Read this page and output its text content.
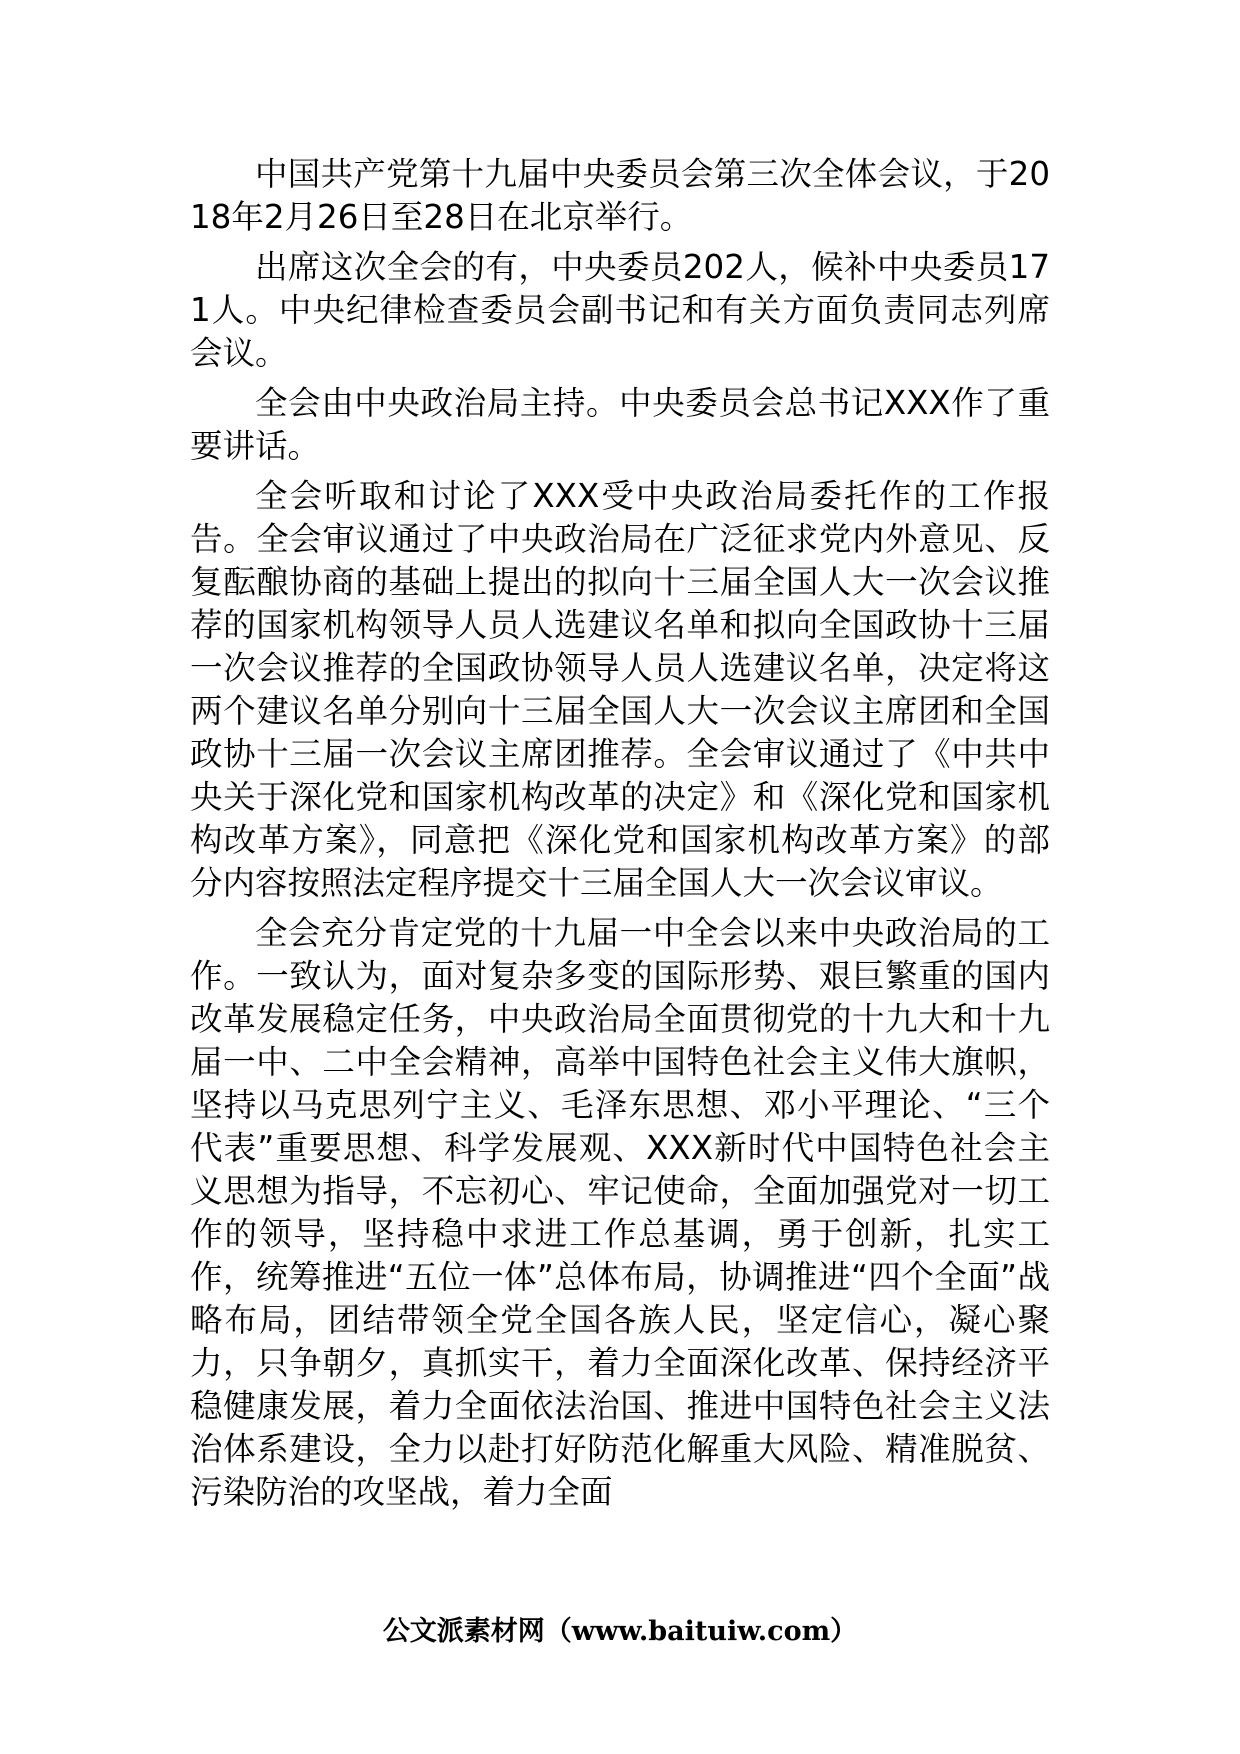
中国共产党第十九届中央委员会第三次全体会议，于2018年2月26日至28日在北京举行。

出席这次全会的有，中央委员202人，候补中央委员171人。中央纪律检查委员会副书记和有关方面负责同志列席会议。

全会由中央政治局主持。中央委员会总书记XXX作了重要讲话。

全会听取和讨论了XXX受中央政治局委托作的工作报告。全会审议通过了中央政治局在广泛征求党内外意见、反复酝酿协商的基础上提出的拟向十三届全国人大一次会议推荐的国家机构领导人员人选建议名单和拟向全国政协十三届一次会议推荐的全国政协领导人员人选建议名单，决定将这两个建议名单分别向十三届全国人大一次会议主席团和全国政协十三届一次会议主席团推荐。全会审议通过了《中共中央关于深化党和国家机构改革的决定》和《深化党和国家机构改革方案》，同意把《深化党和国家机构改革方案》的部分内容按照法定程序提交十三届全国人大一次会议审议。

全会充分肯定党的十九届一中全会以来中央政治局的工作。一致认为，面对复杂多变的国际形势、艰巨繁重的国内改革发展稳定任务，中央政治局全面贯彻党的十九大和十九届一中、二中全会精神，高举中国特色社会主义伟大旗帜，坚持以马克思列宁主义、毛泽东思想、邓小平理论、“三个代表”重要思想、科学发展观、XXX新时代中国特色社会主义思想为指导，不忘初心、牢记使命，全面加强党对一切工作的领导，坚持稳中求进工作总基调，勇于创新，扎实工作，统筹推进“五位一体”总体布局，协调推进“四个全面”战略布局，团结带领全党全国各族人民，坚定信心，凝心聚力，只争朝夕，真抓实干，着力全面深化改革、保持经济平稳健康发展，着力全面依法治国、推进中国特色社会主义法治体系建设，全力以赴打好防范化解重大风险、精准脱贫、污染防治的攻坚战，着力全面

公文派素材网（www.baituiw.com）
